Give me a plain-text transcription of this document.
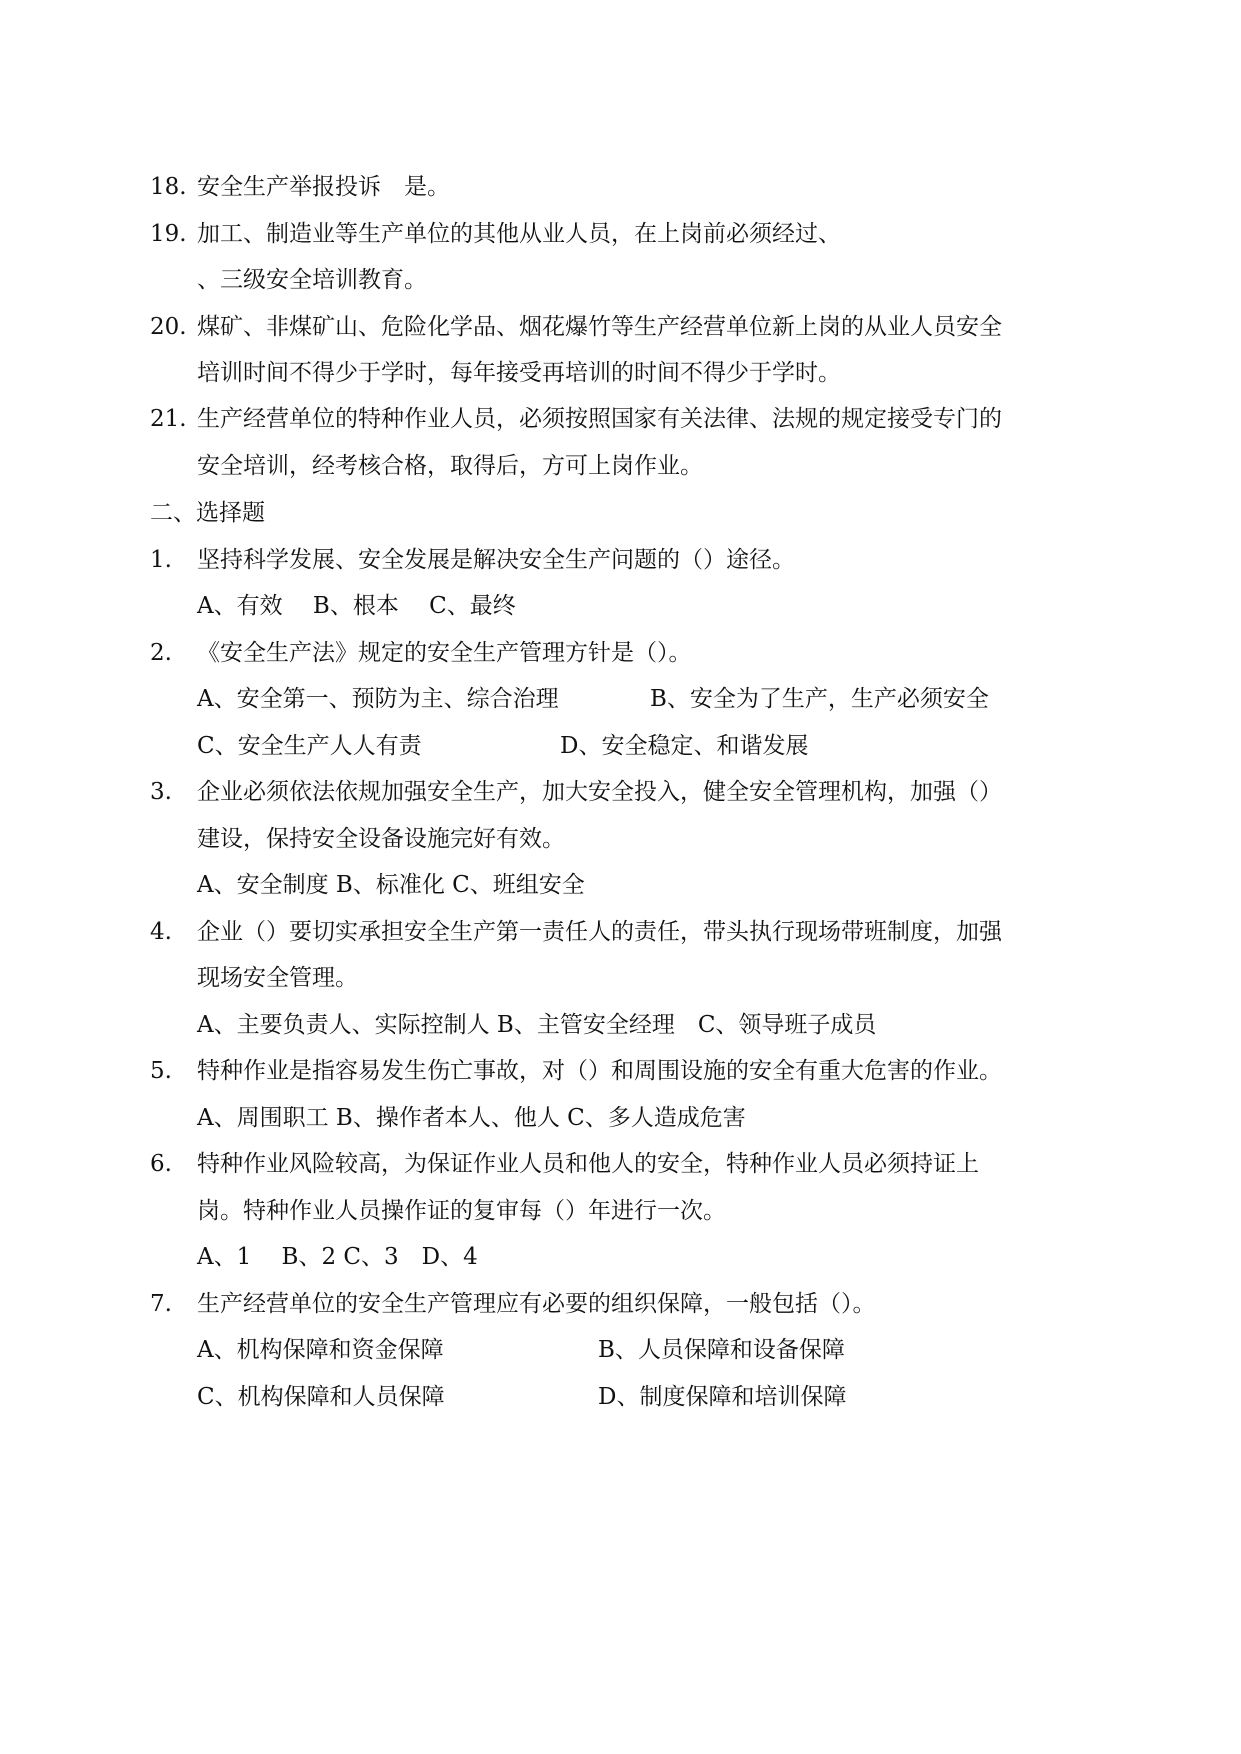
18. 安全生产举报投诉　是。
19. 加工、制造业等生产单位的其他从业人员，在上岗前必须经过、
、三级安全培训教育。
20. 煤矿、非煤矿山、危险化学品、烟花爆竹等生产经营单位新上岗的从业人员安全
培训时间不得少于学时，每年接受再培训的时间不得少于学时。
21. 生产经营单位的特种作业人员，必须按照国家有关法律、法规的规定接受专门的
安全培训，经考核合格，取得后，方可上岗作业。
二、选择题
1. 坚持科学发展、安全发展是解决安全生产问题的（）途径。
A、有效　 B、根本　 C、最终
2. 《安全生产法》规定的安全生产管理方针是（）。
A、安全第一、预防为主、综合治理	B、安全为了生产，生产必须安全
C、安全生产人人有责	D、安全稳定、和谐发展
3. 企业必须依法依规加强安全生产，加大安全投入，健全安全管理机构，加强（）
建设，保持安全设备设施完好有效。
A、安全制度 B、标准化 C、班组安全
4. 企业（）要切实承担安全生产第一责任人的责任，带头执行现场带班制度，加强
现场安全管理。
A、主要负责人、实际控制人 B、主管安全经理　C、领导班子成员
5. 特种作业是指容易发生伤亡事故，对（）和周围设施的安全有重大危害的作业。
A、周围职工 B、操作者本人、他人 C、多人造成危害
6. 特种作业风险较高，为保证作业人员和他人的安全，特种作业人员必须持证上
岗。特种作业人员操作证的复审每（）年进行一次。
A、1　 B、2 C、3　D、4
7. 生产经营单位的安全生产管理应有必要的组织保障，一般包括（）。
A、机构保障和资金保障	B、人员保障和设备保障
C、机构保障和人员保障	D、制度保障和培训保障
